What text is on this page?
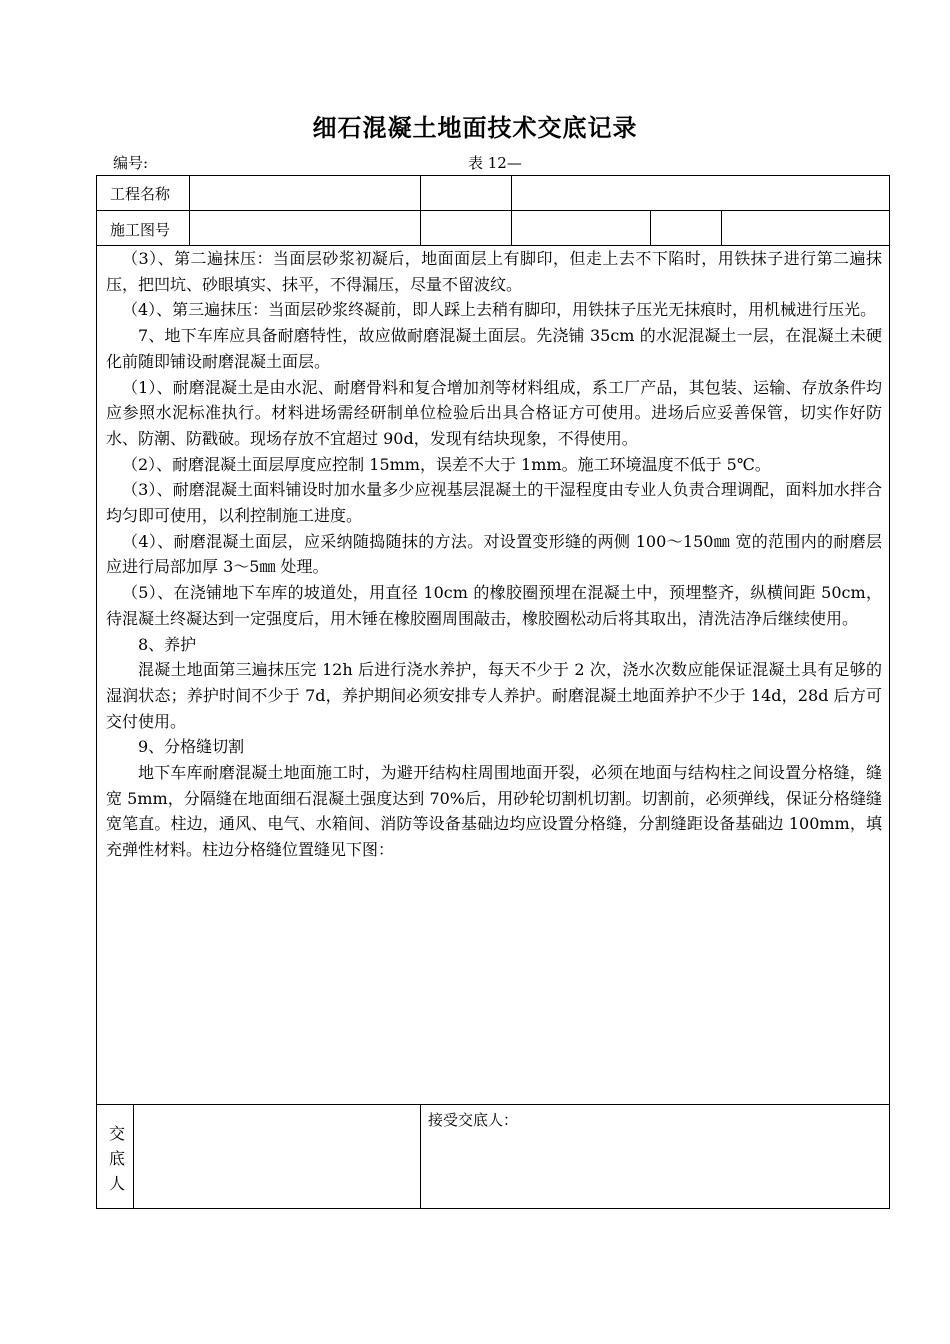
细石混凝土地面技术交底记录
编号:	表 12—
工程名称
施工图号

（3）、第二遍抹压：当面层砂浆初凝后，地面面层上有脚印，但走上去不下陷时，用铁抹子进行第二遍抹压，把凹坑、砂眼填实、抹平，不得漏压，尽量不留波纹。

（4）、第三遍抹压：当面层砂浆终凝前，即人踩上去稍有脚印，用铁抹子压光无抹痕时，用机械进行压光。

7、地下车库应具备耐磨特性，故应做耐磨混凝土面层。先浇铺 35cm 的水泥混凝土一层，在混凝土未硬化前随即铺设耐磨混凝土面层。

（1）、耐磨混凝土是由水泥、耐磨骨料和复合增加剂等材料组成，系工厂产品，其包装、运输、存放条件均应参照水泥标准执行。材料进场需经研制单位检验后出具合格证方可使用。进场后应妥善保管，切实作好防水、防潮、防戳破。现场存放不宜超过 90d，发现有结块现象，不得使用。

（2）、耐磨混凝土面层厚度应控制 15mm，误差不大于 1mm。施工环境温度不低于 5℃。

（3）、耐磨混凝土面料铺设时加水量多少应视基层混凝土的干湿程度由专业人负责合理调配，面料加水拌合均匀即可使用，以利控制施工进度。

（4）、耐磨混凝土面层，应采纳随捣随抹的方法。对设置变形缝的两侧 100～150㎜ 宽的范围内的耐磨层应进行局部加厚 3～5㎜ 处理。

（5）、在浇铺地下车库的坡道处，用直径 10cm 的橡胶圈预埋在混凝土中，预埋整齐，纵横间距 50cm，待混凝土终凝达到一定强度后，用木锤在橡胶圈周围敲击，橡胶圈松动后将其取出，清洗洁净后继续使用。

8、养护

混凝土地面第三遍抹压完 12h 后进行浇水养护，每天不少于 2 次，浇水次数应能保证混凝土具有足够的湿润状态；养护时间不少于 7d，养护期间必须安排专人养护。耐磨混凝土地面养护不少于 14d，28d 后方可交付使用。

9、分格缝切割

地下车库耐磨混凝土地面施工时，为避开结构柱周围地面开裂，必须在地面与结构柱之间设置分格缝，缝宽 5mm，分隔缝在地面细石混凝土强度达到 70%后，用砂轮切割机切割。切割前，必须弹线，保证分格缝缝宽笔直。柱边，通风、电气、水箱间、消防等设备基础边均应设置分格缝，分割缝距设备基础边 100mm，填充弹性材料。柱边分格缝位置缝见下图：

交底人
接受交底人：
